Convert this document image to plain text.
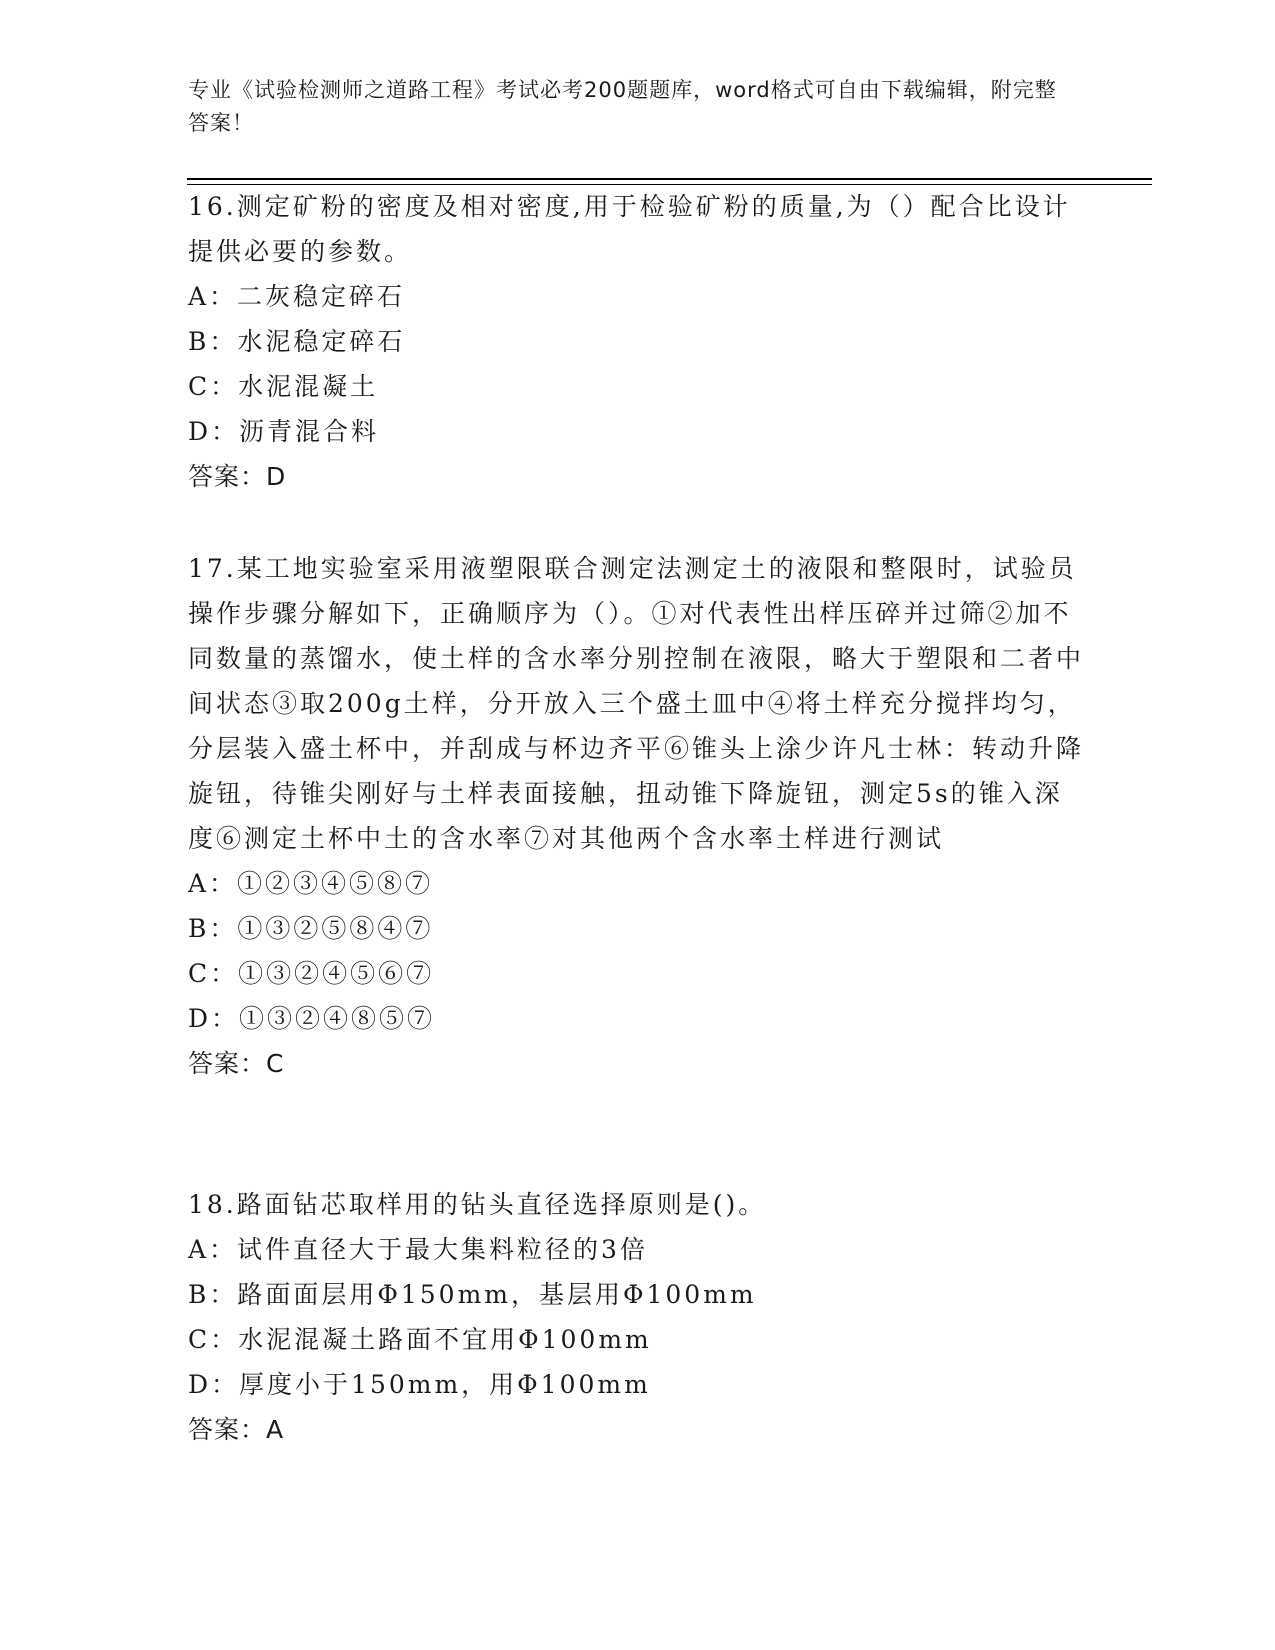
专业《试验检测师之道路工程》考试必考200题题库，word格式可自由下载编辑，附完整答案！

16.测定矿粉的密度及相对密度,用于检验矿粉的质量,为（）配合比设计提供必要的参数。

A：二灰稳定碎石

B：水泥稳定碎石

C：水泥混凝土

D：沥青混合料

答案：D

17.某工地实验室采用液塑限联合测定法测定土的液限和整限时，试验员操作步骤分解如下，正确顺序为（）。①对代表性出样压碎并过筛②加不同数量的蒸馏水，使土样的含水率分别控制在液限，略大于塑限和二者中间状态③取200g土样，分开放入三个盛土皿中④将土样充分搅拌均匀，分层装入盛土杯中，并刮成与杯边齐平⑥锥头上涂少许凡士林：转动升降旋钮，待锥尖刚好与土样表面接触，扭动锥下降旋钮，测定5s的锥入深度⑥测定土杯中土的含水率⑦对其他两个含水率土样进行测试

A：①②③④⑤⑧⑦

B：①③②⑤⑧④⑦

C：①③②④⑤⑥⑦

D：①③②④⑧⑤⑦

答案：C

18.路面钻芯取样用的钻头直径选择原则是()。

A：试件直径大于最大集料粒径的3倍

B：路面面层用Φ150mm，基层用Φ100mm

C：水泥混凝土路面不宜用Φ100mm

D：厚度小于150mm，用Φ100mm

答案：A
